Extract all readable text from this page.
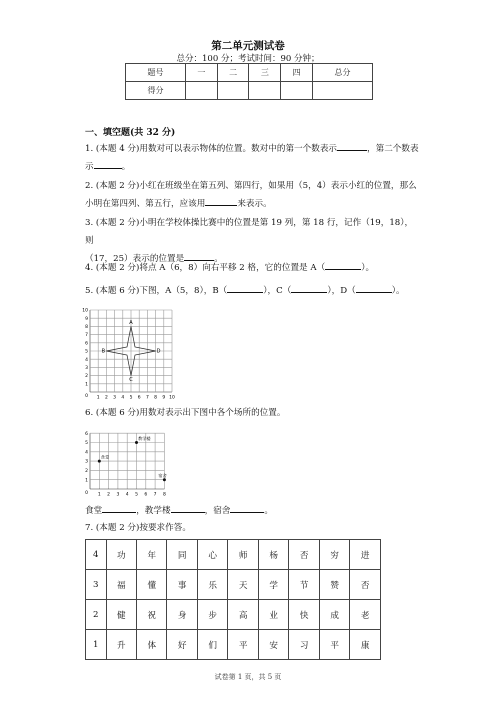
第二单元测试卷
总分：100 分；考试时间：90 分钟；
题号	一	二	三	四	总分
得分					
一、填空题(共 32 分)
1. (本题 4 分)用数对可以表示物体的位置。数对中的第一个数表示	，第二个数表
示	。
2. (本题 2 分)小红在班级坐在第五列、第四行，如果用（5，4）表示小红的位置，那么
小明在第四列、第五行，应该用	来表示。
3. (本题 2 分)小明在学校体操比赛中的位置是第 19 列，第 18 行，记作（19，18），则
（17，25）表示的位置是	。
4. (本题 2 分)将点 A（6，8）向右平移 2 格，它的位置是 A（	）。
5. (本题 6 分)下图，A（5，8），B（	），C（	），D（	）。
1 2 3 4 5 6 7 8 9 10
1
2
3
4
5
6
7
8
9
10
0
A
B
C
D
6. (本题 6 分)用数对表示出下图中各个场所的位置。
1 2 3 4 5 6 7 8
1
2
3
4
5
6
0
食堂
教学楼
宿舍
食堂	，教学楼	，宿舍	。
7. (本题 2 分)按要求作答。
4	功	年	同	心	师	杨	否	穷	进
3	福	懂	事	乐	天	学	节	赞	否
2	健	祝	身	步	高	业	快	成	老
1	升	体	好	们	平	安	习	平	康
试卷第 1 页，共 5 页
